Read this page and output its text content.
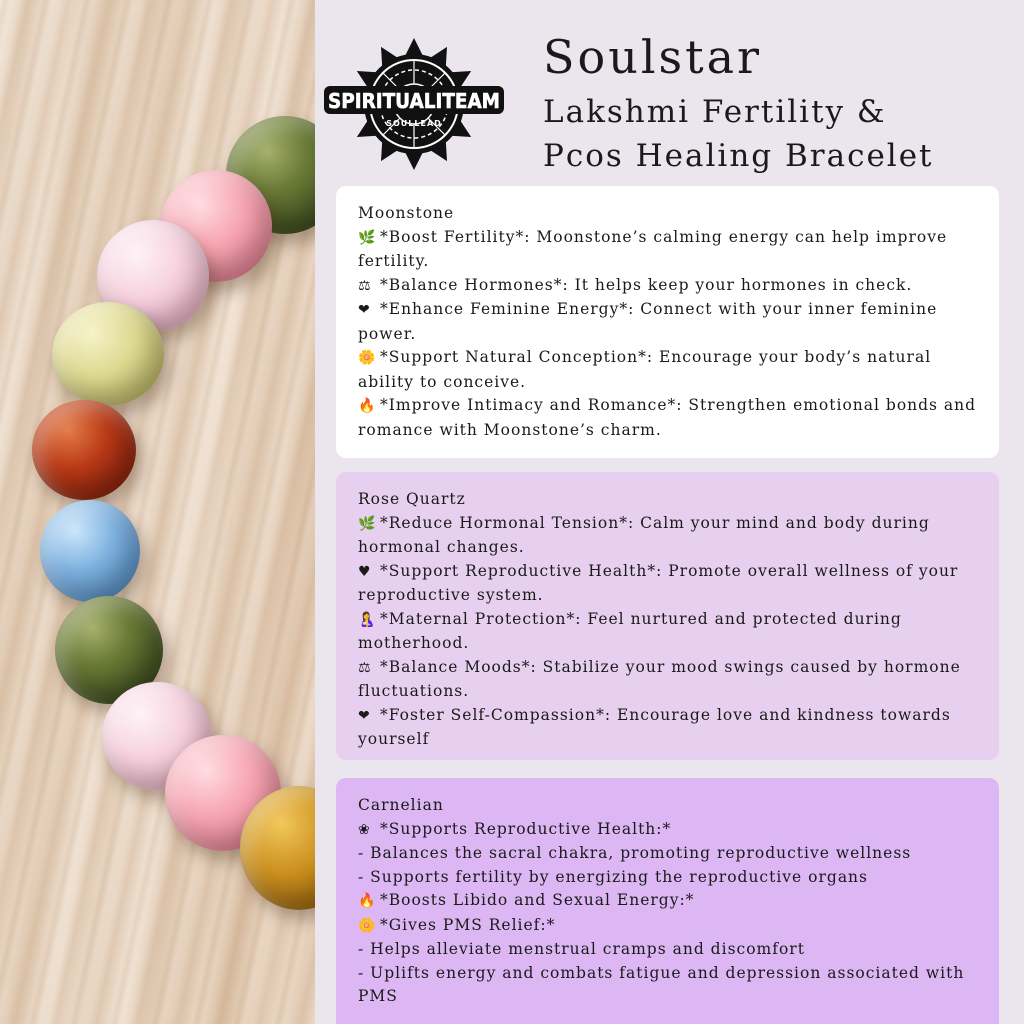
SPIRITUALITEAM
SOULLEAD
Soulstar
Lakshmi Fertility &
Pcos Healing Bracelet
Moonstone
🌿 *Boost Fertility*: Moonstone’s calming energy can help improve fertility.
⚖ *Balance Hormones*: It helps keep your hormones in check.
❤ *Enhance Feminine Energy*: Connect with your inner feminine power.
🌼 *Support Natural Conception*: Encourage your body’s natural ability to conceive.
🔥 *Improve Intimacy and Romance*: Strengthen emotional bonds and romance with Moonstone’s charm.
Rose Quartz
🌿 *Reduce Hormonal Tension*: Calm your mind and body during hormonal changes.
♥ *Support Reproductive Health*: Promote overall wellness of your reproductive system.
🤱 *Maternal Protection*: Feel nurtured and protected during motherhood.
⚖ *Balance Moods*: Stabilize your mood swings caused by hormone fluctuations.
❤ *Foster Self-Compassion*: Encourage love and kindness towards yourself
Carnelian
❀ *Supports Reproductive Health:*
- Balances the sacral chakra, promoting reproductive wellness
- Supports fertility by energizing the reproductive organs
🔥 *Boosts Libido and Sexual Energy:*
🌼 *Gives PMS Relief:*
- Helps alleviate menstrual cramps and discomfort
- Uplifts energy and combats fatigue and depression associated with PMS
